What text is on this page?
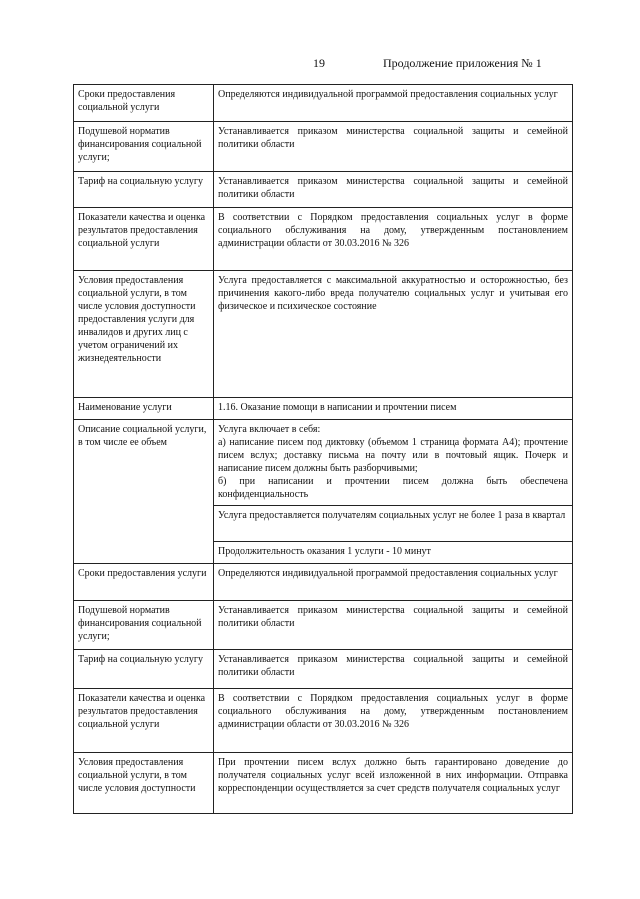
19	Продолжение приложения № 1
Сроки предоставления социальной услуги	Определяются индивидуальной программой предоставления социальных услуг

Подушевой норматив финансирования социальной услуги;	Устанавливается приказом министерства социальной защиты и семейной политики области

Тариф на социальную услугу	Устанавливается приказом министерства социальной защиты и семейной политики области

Показатели качества и оценка результатов предоставления социальной услуги	В соответствии с Порядком предоставления социальных услуг в форме социального обслуживания на дому, утвержденным постановлением администрации области от 30.03.2016 № 326

Условия предоставления социальной услуги, в том числе условия доступности предоставления услуги для инвалидов и других лиц с учетом ограничений их жизнедеятельности	Услуга предоставляется с максимальной аккуратностью и осторожностью, без причинения какого-либо вреда получателю социальных услуг и учитывая его физическое и психическое состояние

Наименование услуги	1.16. Оказание помощи в написании и прочтении писем

Описание социальной услуги, в том числе ее объем	Услуга включает в себя:
а) написание писем под диктовку (объемом 1 страница формата А4); прочтение писем вслух; доставку письма на почту или в почтовый ящик. Почерк и написание писем должны быть разборчивыми;
б) при написании и прочтении писем должна быть обеспечена конфиденциальность

	Услуга предоставляется получателям социальных услуг не более 1 раза в квартал

	Продолжительность оказания 1 услуги - 10 минут

Сроки предоставления услуги	Определяются индивидуальной программой предоставления социальных услуг

Подушевой норматив финансирования социальной услуги;	Устанавливается приказом министерства социальной защиты и семейной политики области

Тариф на социальную услугу	Устанавливается приказом министерства социальной защиты и семейной политики области

Показатели качества и оценка результатов предоставления социальной услуги	В соответствии с Порядком предоставления социальных услуг в форме социального обслуживания на дому, утвержденным постановлением администрации области от 30.03.2016 № 326

Условия предоставления социальной услуги, в том числе условия доступности	При прочтении писем вслух должно быть гарантировано доведение до получателя социальных услуг всей изложенной в них информации. Отправка корреспонденции осуществляется за счет средств получателя социальных услуг
